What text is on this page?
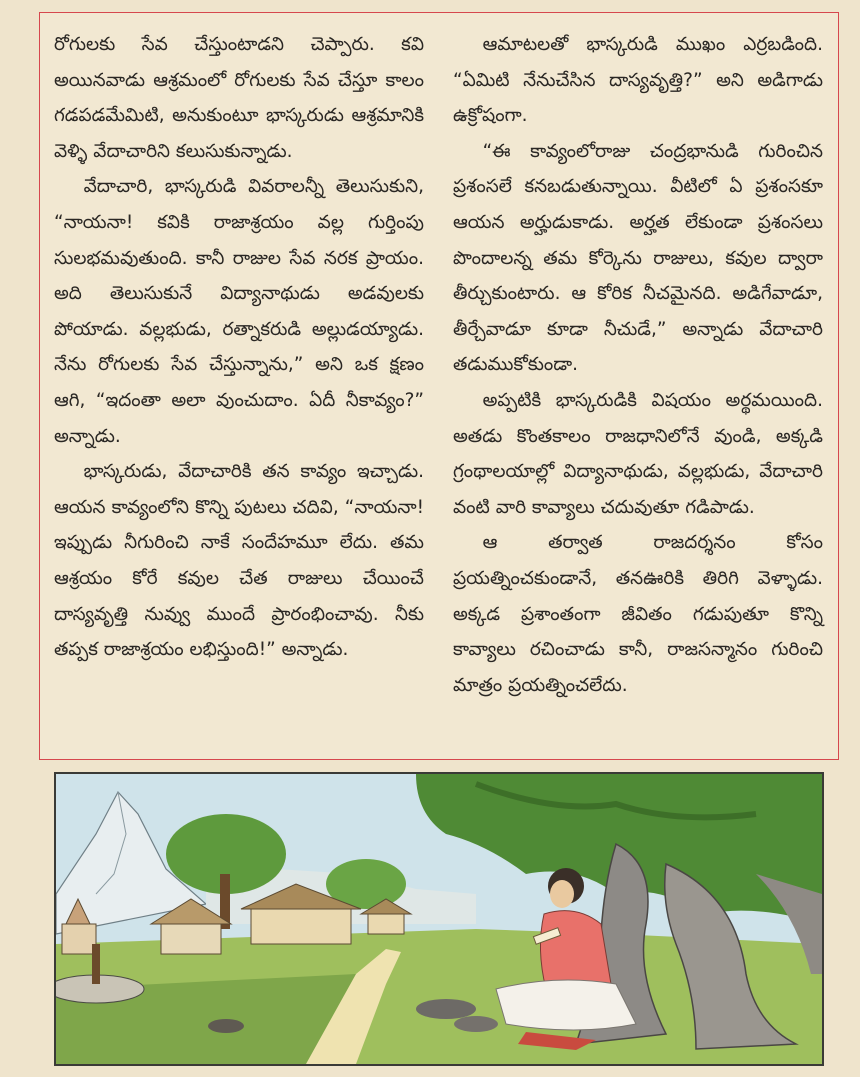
రోగులకు సేవ చేస్తుంటాడని చెప్పారు. కవి అయినవాడు ఆశ్రమంలో రోగులకు సేవ చేస్తూ కాలం గడపడమేమిటి, అనుకుంటూ భాస్కరుడు ఆశ్రమానికి వెళ్ళి వేదాచారిని కలుసుకున్నాడు.

వేదాచారి, భాస్కరుడి వివరాలన్నీ తెలుసుకుని, “నాయనా! కవికి రాజాశ్రయం వల్ల గుర్తింపు సులభమవుతుంది. కానీ రాజుల సేవ నరక ప్రాయం. అది తెలుసుకునే విద్యానాథుడు అడవులకు పోయాడు. వల్లభుడు, రత్నాకరుడి అల్లుడయ్యాడు. నేను రోగులకు సేవ చేస్తున్నాను,” అని ఒక క్షణం ఆగి, “ఇదంతా అలా వుంచుదాం. ఏదీ నీకావ్యం?” అన్నాడు.

భాస్కరుడు, వేదాచారికి తన కావ్యం ఇచ్చాడు. ఆయన కావ్యంలోని కొన్ని పుటలు చదివి, “నాయనా! ఇప్పుడు నీగురించి నాకే సందేహమూ లేదు. తమ ఆశ్రయం కోరే కవుల చేత రాజులు చేయించే దాస్యవృత్తి నువ్వు ముందే ప్రారంభించావు. నీకు తప్పక రాజాశ్రయం లభిస్తుంది!” అన్నాడు.

ఆమాటలతో భాస్కరుడి ముఖం ఎర్రబడింది. “ఏమిటి నేనుచేసిన దాస్యవృత్తి?” అని అడిగాడు ఉక్రోషంగా.

“ఈ కావ్యంలోరాజు చంద్రభానుడి గురించిన ప్రశంసలే కనబడుతున్నాయి. వీటిలో ఏ ప్రశంసకూ ఆయన అర్హుడుకాడు. అర్హత లేకుండా ప్రశంసలు పొందాలన్న తమ కోర్కెను రాజులు, కవుల ద్వారా తీర్చుకుంటారు. ఆ కోరిక నీచమైనది. అడిగేవాడూ, తీర్చేవాడూ కూడా నీచుడే,” అన్నాడు వేదాచారి తడుముకోకుండా.

అప్పటికి భాస్కరుడికి విషయం అర్థమయింది. అతడు కొంతకాలం రాజధానిలోనే వుండి, అక్కడి గ్రంథాలయాల్లో విద్యానాథుడు, వల్లభుడు, వేదాచారి వంటి వారి కావ్యాలు చదువుతూ గడిపాడు.

ఆ తర్వాత రాజదర్శనం కోసం ప్రయత్నించకుండానే, తనఊరికి తిరిగి వెళ్ళాడు. అక్కడ ప్రశాంతంగా జీవితం గడుపుతూ కొన్ని కావ్యాలు రచించాడు కానీ, రాజసన్మానం గురించి మాత్రం ప్రయత్నించలేదు.
